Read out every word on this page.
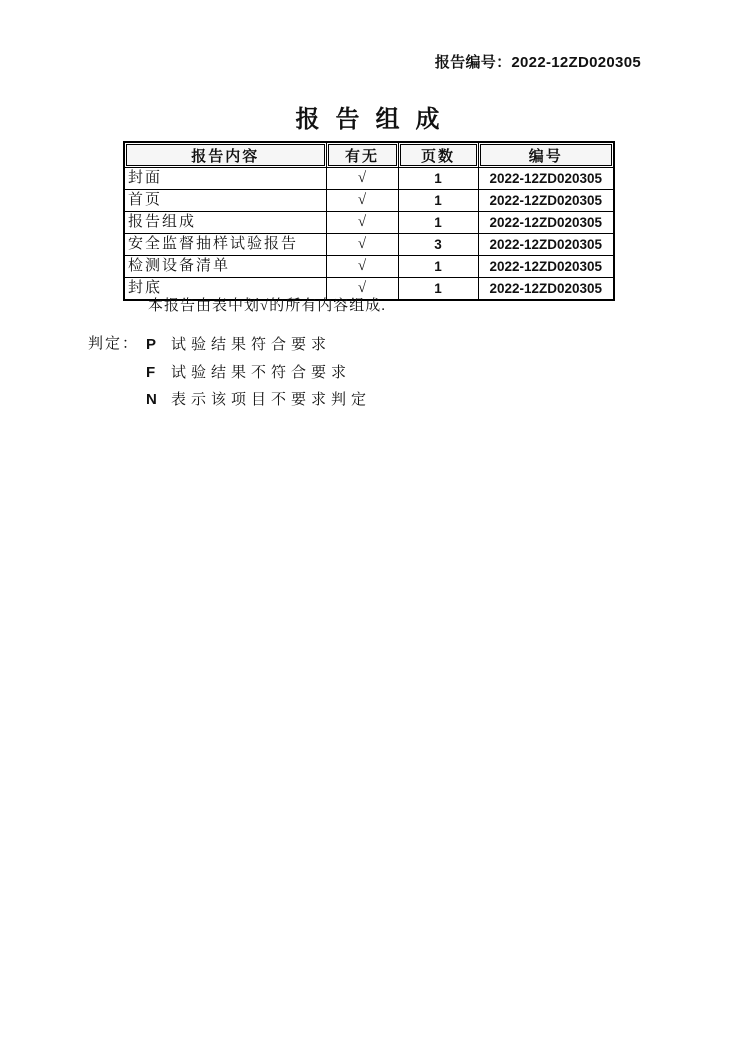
报告编号：2022-12ZD020305
报 告 组 成
报告内容	有无	页数	编号
封面	√	1	2022-12ZD020305
首页	√	1	2022-12ZD020305
报告组成	√	1	2022-12ZD020305
安全监督抽样试验报告	√	3	2022-12ZD020305
检测设备清单	√	1	2022-12ZD020305
封底	√	1	2022-12ZD020305
本报告由表中划√的所有内容组成.
判定： P 试验结果符合要求
F 试验结果不符合要求
N 表示该项目不要求判定
